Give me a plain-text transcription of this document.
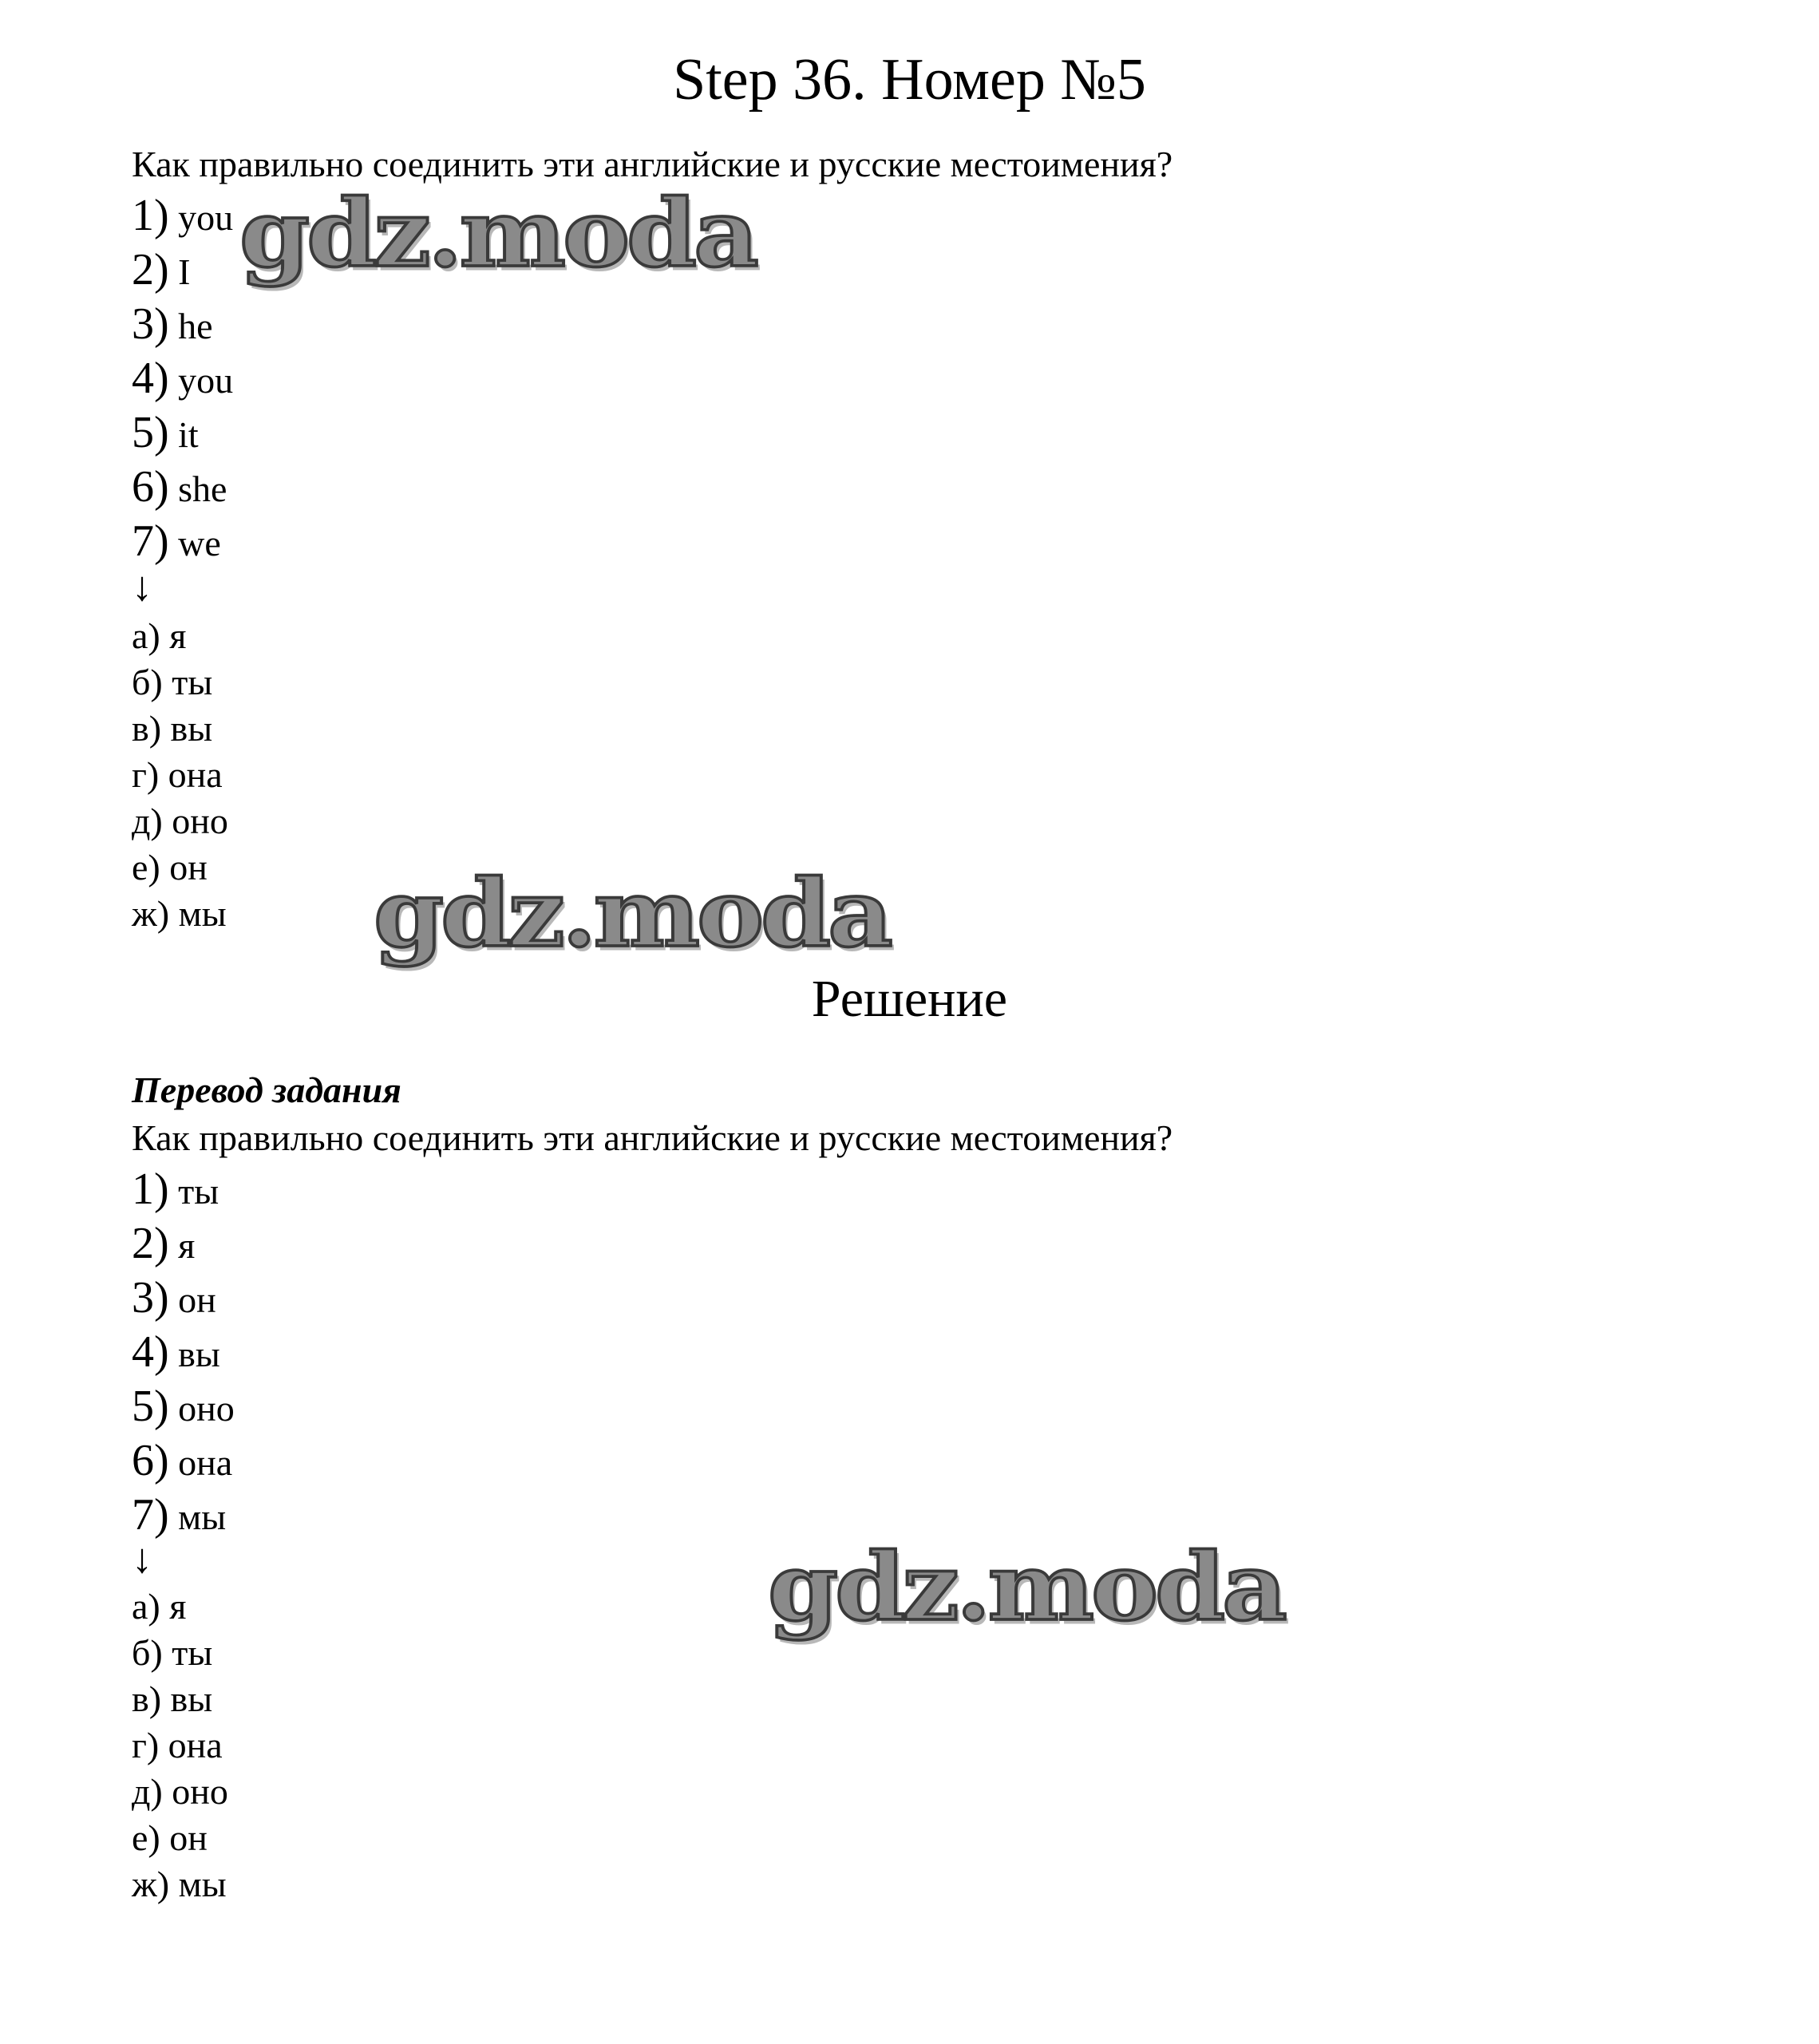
Step 36. Номер №5
Как правильно соединить эти английские и русские местоимения?
1) you
2) I
3) he
4) you
5) it
6) she
7) we
↓
а) я
б) ты
в) вы
г) она
д) оно
е) он
ж) мы
Решение
Перевод задания
Как правильно соединить эти английские и русские местоимения?
1) ты
2) я
3) он
4) вы
5) оно
6) она
7) мы
↓
а) я
б) ты
в) вы
г) она
д) оно
е) он
ж) мы
gdz.moda
gdz.moda
gdz.moda
